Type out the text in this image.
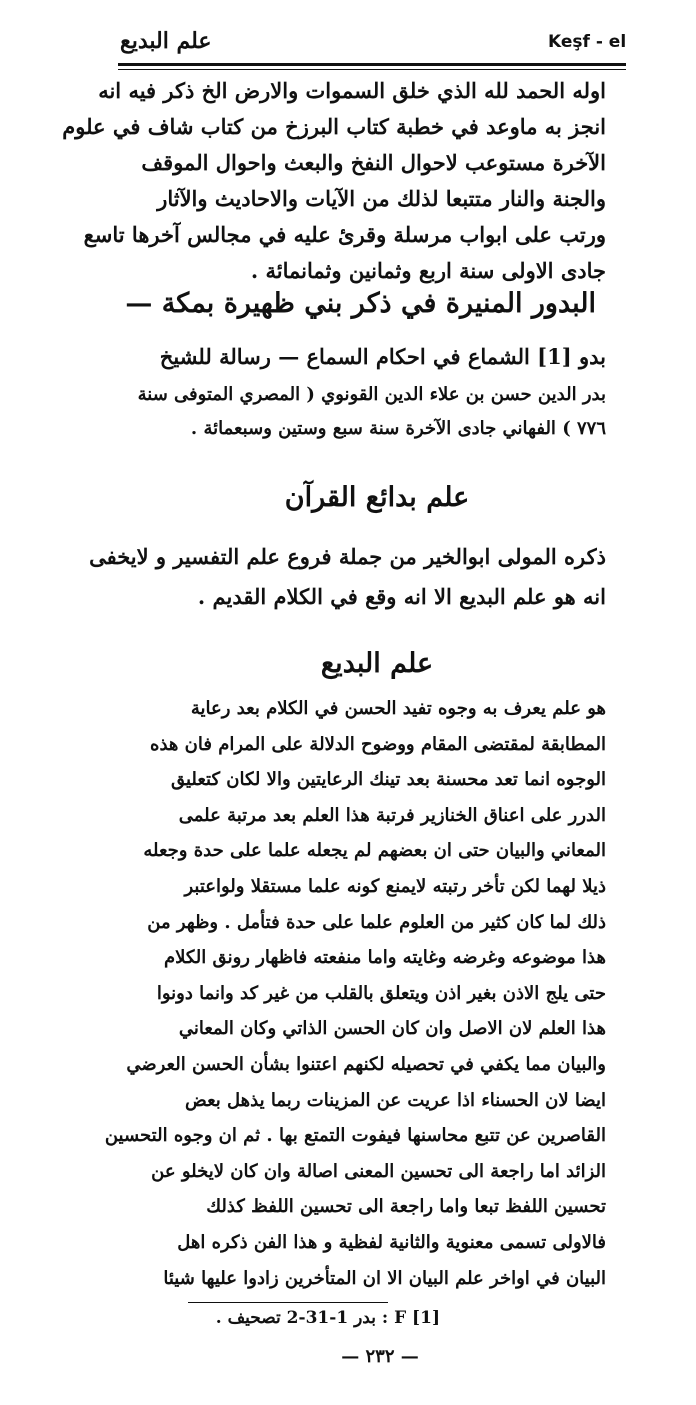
علم البديع	Keşf - el
اوله الحمد لله الذي خلق السموات والارض الخ ذكر فيه انه
انجز به ماوعد في خطبة كتاب البرزخ من كتاب شاف في علوم
الآخرة مستوعب لاحوال النفخ والبعث واحوال الموقف
والجنة والنار متتبعا لذلك من الآيات والاحاديث والآثار
ورتب على ابواب مرسلة وقرئ عليه في مجالس آخرها تاسع
جادى الاولى سنة اربع وثمانين وثمانمائة .
البدور المنيرة في ذكر بني ظهيرة بمكة —
بدو [1] الشماع في احكام السماع — رسالة للشيخ
بدر الدين حسن بن علاء الدين القونوي ( المصري المتوفى سنة
٧٧٦ ) الفهاني جادى الآخرة سنة سبع وستين وسبعمائة .
علم بدائع القرآن
ذكره المولى ابوالخير من جملة فروع علم التفسير و لايخفى
انه هو علم البديع الا انه وقع في الكلام القديم .
علم البديع
هو علم يعرف به وجوه تفيد الحسن في الكلام بعد رعاية
المطابقة لمقتضى المقام ووضوح الدلالة على المرام فان هذه
الوجوه انما تعد محسنة بعد تينك الرعايتين والا لكان كتعليق
الدرر على اعناق الخنازير فرتبة هذا العلم بعد مرتبة علمى
المعاني والبيان حتى ان بعضهم لم يجعله علما على حدة وجعله
ذيلا لهما لكن تأخر رتبته لايمنع كونه علما مستقلا ولواعتبر
ذلك لما كان كثير من العلوم علما على حدة فتأمل . وظهر من
هذا موضوعه وغرضه وغايته واما منفعته فاظهار رونق الكلام
حتى يلج الاذن بغير اذن ويتعلق بالقلب من غير كد وانما دونوا
هذا العلم لان الاصل وان كان الحسن الذاتي وكان المعاني
والبيان مما يكفي في تحصيله لكنهم اعتنوا بشأن الحسن العرضي
ايضا لان الحسناء اذا عريت عن المزينات ربما يذهل بعض
القاصرين عن تتبع محاسنها فيفوت التمتع بها . ثم ان وجوه التحسين
الزائد اما راجعة الى تحسين المعنى اصالة وان كان لايخلو عن
تحسين اللفظ تبعا واما راجعة الى تحسين اللفظ كذلك
فالاولى تسمى معنوية والثانية لفظية و هذا الفن ذكره اهل
البيان في اواخر علم البيان الا ان المتأخرين زادوا عليها شيئا
[1] F : بدر 1-31-2 تصحيف .
— ٢٣٢ —
